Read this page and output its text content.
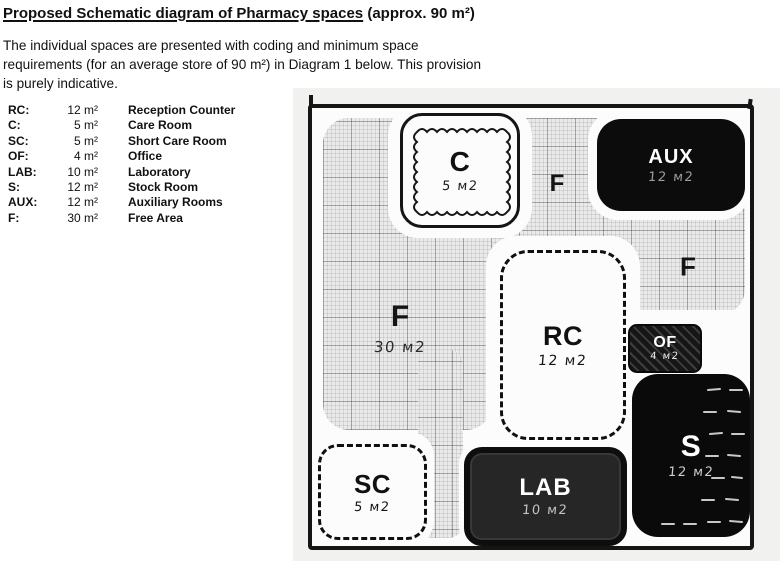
Proposed Schematic diagram of Pharmacy spaces (approx. 90 m²)
The individual spaces are presented with coding and minimum space requirements (for an average store of 90 m²) in Diagram 1 below. This provision is purely indicative.
RC:	12 m²	Reception Counter
C:	5 m²	Care Room
SC:	5 m²	Short Care Room
OF:	4 m²	Office
LAB:	10 m²	Laboratory
S:	12 m²	Stock Room
AUX:	12 m²	Auxiliary Rooms
F:	30 m²	Free Area
F
F
F
30 м2
C
5 м2
AUX
12 м2
RC
12 м2
OF
4 м2
S
12 м2
LAB
10 м2
SC
5 м2
